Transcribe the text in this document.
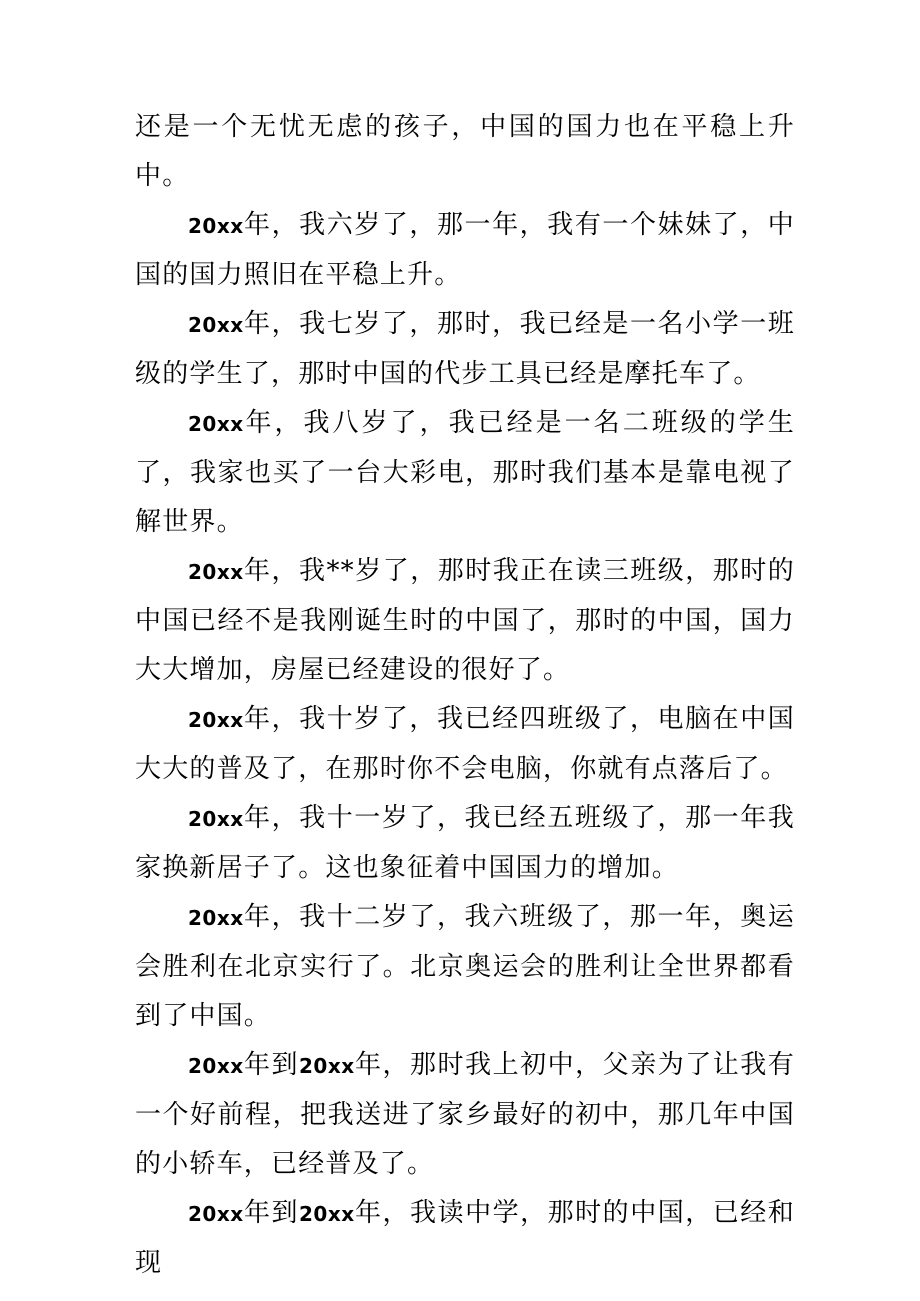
还是一个无忧无虑的孩子，中国的国力也在平稳上升中。

20xx年，我六岁了，那一年，我有一个妹妹了，中国的国力照旧在平稳上升。

20xx年，我七岁了，那时，我已经是一名小学一班级的学生了，那时中国的代步工具已经是摩托车了。

20xx年，我八岁了，我已经是一名二班级的学生了，我家也买了一台大彩电，那时我们基本是靠电视了解世界。

20xx年，我**岁了，那时我正在读三班级，那时的中国已经不是我刚诞生时的中国了，那时的中国，国力大大增加，房屋已经建设的很好了。

20xx年，我十岁了，我已经四班级了，电脑在中国大大的普及了，在那时你不会电脑，你就有点落后了。

20xx年，我十一岁了，我已经五班级了，那一年我家换新居子了。这也象征着中国国力的增加。

20xx年，我十二岁了，我六班级了，那一年，奥运会胜利在北京实行了。北京奥运会的胜利让全世界都看到了中国。

20xx年到20xx年，那时我上初中，父亲为了让我有一个好前程，把我送进了家乡最好的初中，那几年中国的小轿车，已经普及了。

20xx年到20xx年，我读中学，那时的中国，已经和现
